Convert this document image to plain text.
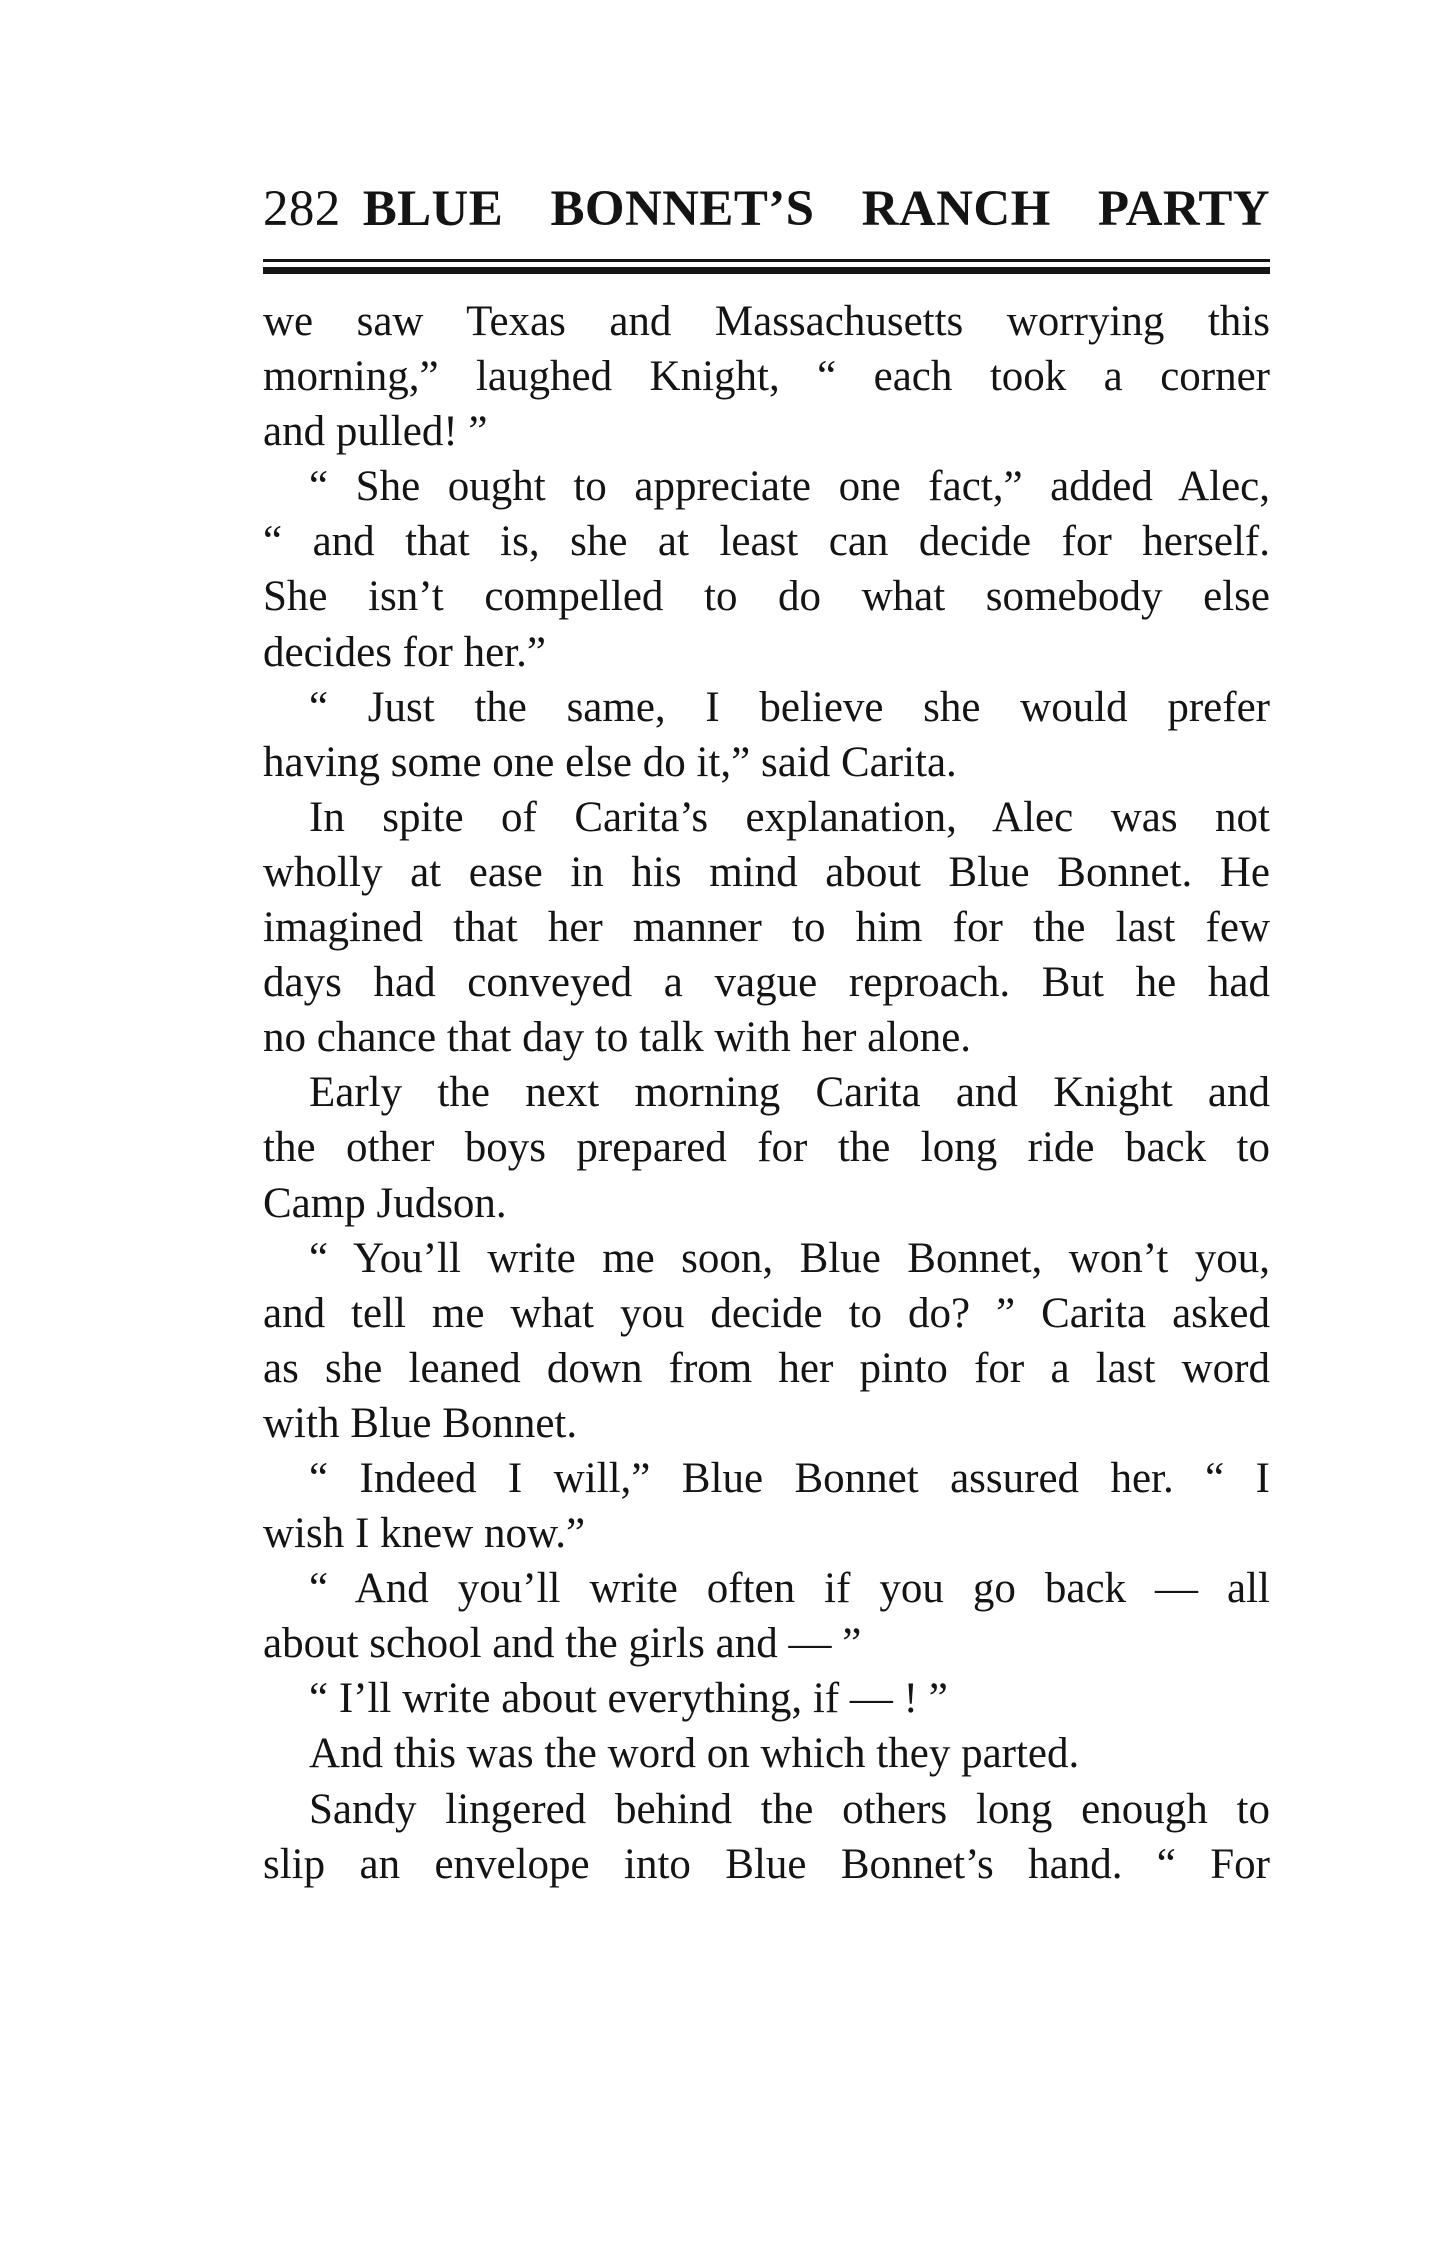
282 BLUE BONNET’S RANCH PARTY
we saw Texas and Massachusetts worrying this
morning,” laughed Knight, “ each took a corner
and pulled! ”
“ She ought to appreciate one fact,” added Alec,
“ and that is, she at least can decide for herself.
She isn’t compelled to do what somebody else
decides for her.”
“ Just the same, I believe she would prefer
having some one else do it,” said Carita.
In spite of Carita’s explanation, Alec was not
wholly at ease in his mind about Blue Bonnet. He
imagined that her manner to him for the last few
days had conveyed a vague reproach. But he had
no chance that day to talk with her alone.
Early the next morning Carita and Knight and
the other boys prepared for the long ride back to
Camp Judson.
“ You’ll write me soon, Blue Bonnet, won’t you,
and tell me what you decide to do? ” Carita asked
as she leaned down from her pinto for a last word
with Blue Bonnet.
“ Indeed I will,” Blue Bonnet assured her. “ I
wish I knew now.”
“ And you’ll write often if you go back — all
about school and the girls and — ”
“ I’ll write about everything, if — ! ”
And this was the word on which they parted.
Sandy lingered behind the others long enough to
slip an envelope into Blue Bonnet’s hand. “ For
